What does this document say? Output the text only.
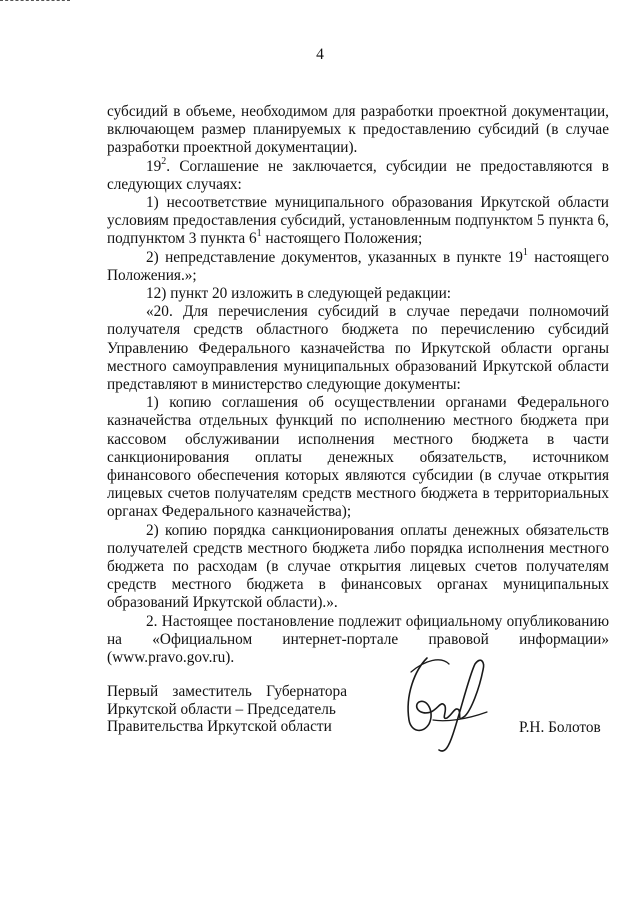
4

субсидий в объеме, необходимом для разработки проектной документации, включающем размер планируемых к предоставлению субсидий (в случае разработки проектной документации).

$19^2$. Соглашение не заключается, субсидии не предоставляются в следующих случаях:

1) несоответствие муниципального образования Иркутской области условиям предоставления субсидий, установленным подпунктом 5 пункта 6, подпунктом 3 пункта $6^1$ настоящего Положения;

2) непредставление документов, указанных в пункте $19^1$ настоящего Положения.»;

12) пункт 20 изложить в следующей редакции:

«20. Для перечисления субсидий в случае передачи полномочий получателя средств областного бюджета по перечислению субсидий Управлению Федерального казначейства по Иркутской области органы местного самоуправления муниципальных образований Иркутской области представляют в министерство следующие документы:

1) копию соглашения об осуществлении органами Федерального казначейства отдельных функций по исполнению местного бюджета при кассовом обслуживании исполнения местного бюджета в части санкционирования оплаты денежных обязательств, источником финансового обеспечения которых являются субсидии (в случае открытия лицевых счетов получателям средств местного бюджета в территориальных органах Федерального казначейства);

2) копию порядка санкционирования оплаты денежных обязательств получателей средств местного бюджета либо порядка исполнения местного бюджета по расходам (в случае открытия лицевых счетов получателям средств местного бюджета в финансовых органах муниципальных образований Иркутской области).».

2. Настоящее постановление подлежит официальному опубликованию на «Официальном интернет-портале правовой информации» (www.pravo.gov.ru).

Первый заместитель Губернатора
Иркутской области – Председатель
Правительства Иркутской области	Р.Н. Болотов
